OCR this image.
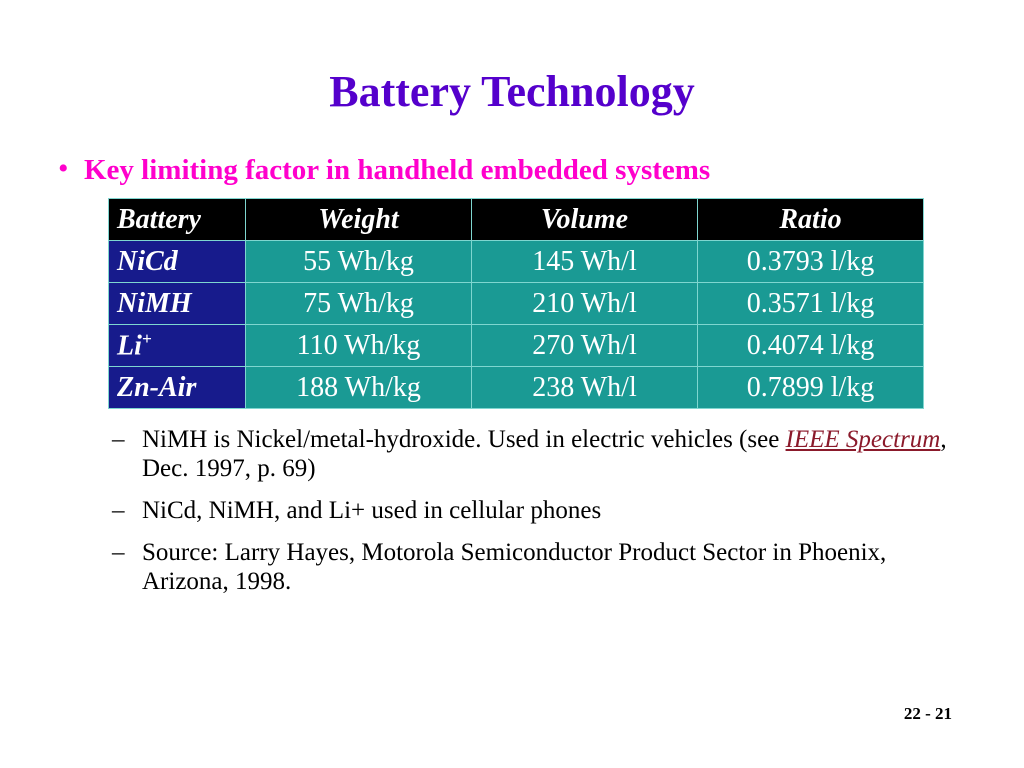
Battery Technology
• Key limiting factor in handheld embedded systems
Battery	Weight	Volume	Ratio
NiCd	55 Wh/kg	145 Wh/l	0.3793 l/kg
NiMH	75 Wh/kg	210 Wh/l	0.3571 l/kg
Li+	110 Wh/kg	270 Wh/l	0.4074 l/kg
Zn-Air	188 Wh/kg	238 Wh/l	0.7899 l/kg
– NiMH is Nickel/metal-hydroxide. Used in electric vehicles (see IEEE Spectrum, Dec. 1997, p. 69)
– NiCd, NiMH, and Li+ used in cellular phones
– Source: Larry Hayes, Motorola Semiconductor Product Sector in Phoenix, Arizona, 1998.
22 - 21
